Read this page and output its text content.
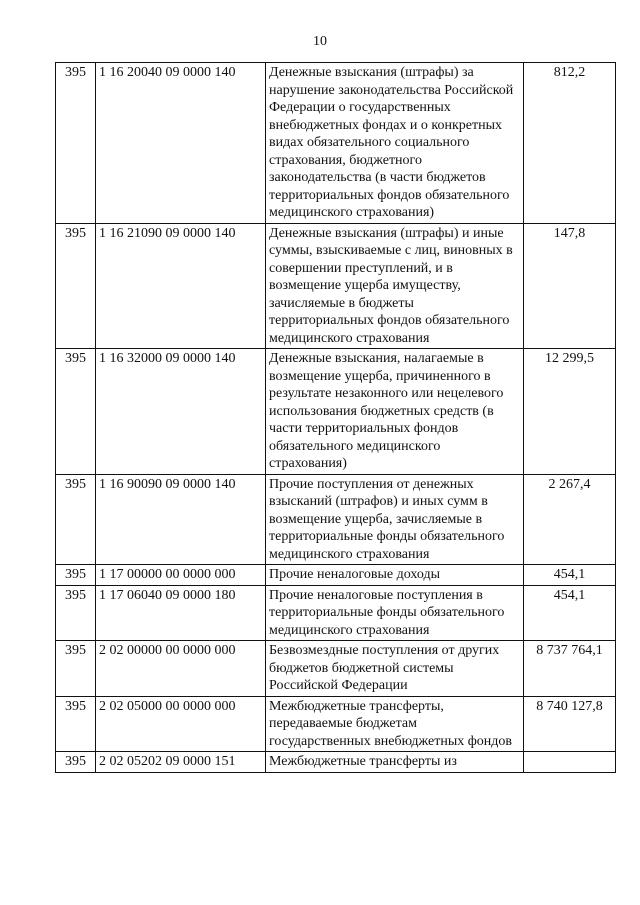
10
395	1 16 20040 09 0000 140	Денежные взыскания (штрафы) за нарушение законодательства Российской Федерации о государственных внебюджетных фондах и о конкретных видах обязательного социального страхования, бюджетного законодательства (в части бюджетов территориальных фондов обязательного медицинского страхования)	812,2
395	1 16 21090 09 0000 140	Денежные взыскания (штрафы) и иные суммы, взыскиваемые с лиц, виновных в совершении преступлений, и в возмещение ущерба имуществу, зачисляемые в бюджеты территориальных фондов обязательного медицинского страхования	147,8
395	1 16 32000 09 0000 140	Денежные взыскания, налагаемые в возмещение ущерба, причиненного в результате незаконного или нецелевого использования бюджетных средств (в части территориальных фондов обязательного медицинского страхования)	12 299,5
395	1 16 90090 09 0000 140	Прочие поступления от денежных взысканий (штрафов) и иных сумм в возмещение ущерба, зачисляемые в территориальные фонды обязательного медицинского страхования	2 267,4
395	1 17 00000 00 0000 000	Прочие неналоговые доходы	454,1
395	1 17 06040 09 0000 180	Прочие неналоговые поступления в территориальные фонды обязательного медицинского страхования	454,1
395	2 02 00000 00 0000 000	Безвозмездные поступления от других бюджетов бюджетной системы Российской Федерации	8 737 764,1
395	2 02 05000 00 0000 000	Межбюджетные трансферты, передаваемые бюджетам государственных внебюджетных фондов	8 740 127,8
395	2 02 05202 09 0000 151	Межбюджетные трансферты из	
